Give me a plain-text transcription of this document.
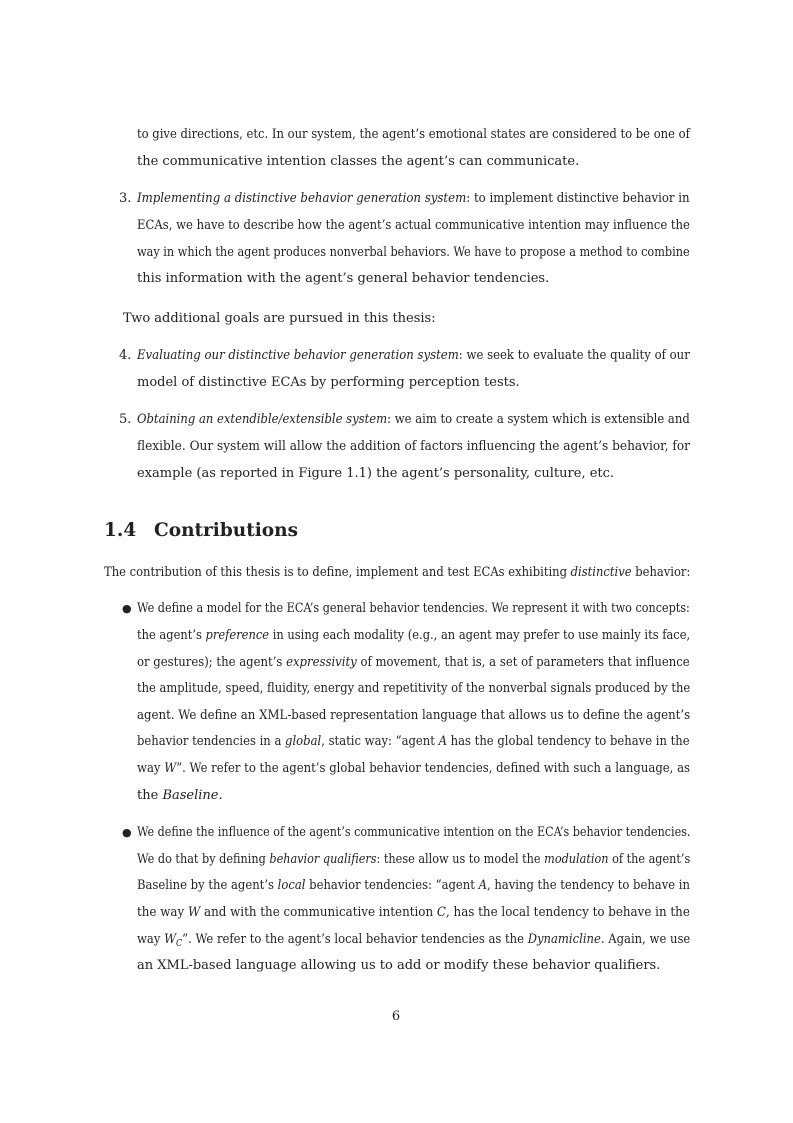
to give directions, etc. In our system, the agent’s emotional states are considered to be one of
the communicative intention classes the agent’s can communicate.
3. Implementing a distinctive behavior generation system: to implement distinctive behavior in
ECAs, we have to describe how the agent’s actual communicative intention may influence the
way in which the agent produces nonverbal behaviors. We have to propose a method to combine
this information with the agent’s general behavior tendencies.
Two additional goals are pursued in this thesis:
4. Evaluating our distinctive behavior generation system: we seek to evaluate the quality of our
model of distinctive ECAs by performing perception tests.
5. Obtaining an extendible/extensible system: we aim to create a system which is extensible and
flexible. Our system will allow the addition of factors influencing the agent’s behavior, for
example (as reported in Figure 1.1) the agent’s personality, culture, etc.
1.4 Contributions
The contribution of this thesis is to define, implement and test ECAs exhibiting distinctive behavior:
● We define a model for the ECA’s general behavior tendencies. We represent it with two concepts:
the agent’s preference in using each modality (e.g., an agent may prefer to use mainly its face,
or gestures); the agent’s expressivity of movement, that is, a set of parameters that influence
the amplitude, speed, fluidity, energy and repetitivity of the nonverbal signals produced by the
agent. We define an XML-based representation language that allows us to define the agent’s
behavior tendencies in a global, static way: “agent A has the global tendency to behave in the
way W”. We refer to the agent’s global behavior tendencies, defined with such a language, as
the Baseline.
● We define the influence of the agent’s communicative intention on the ECA’s behavior tendencies.
We do that by defining behavior qualifiers: these allow us to model the modulation of the agent’s
Baseline by the agent’s local behavior tendencies: “agent A, having the tendency to behave in
the way W and with the communicative intention C, has the local tendency to behave in the
way $W_C$”. We refer to the agent’s local behavior tendencies as the Dynamicline. Again, we use
an XML-based language allowing us to add or modify these behavior qualifiers.
6
